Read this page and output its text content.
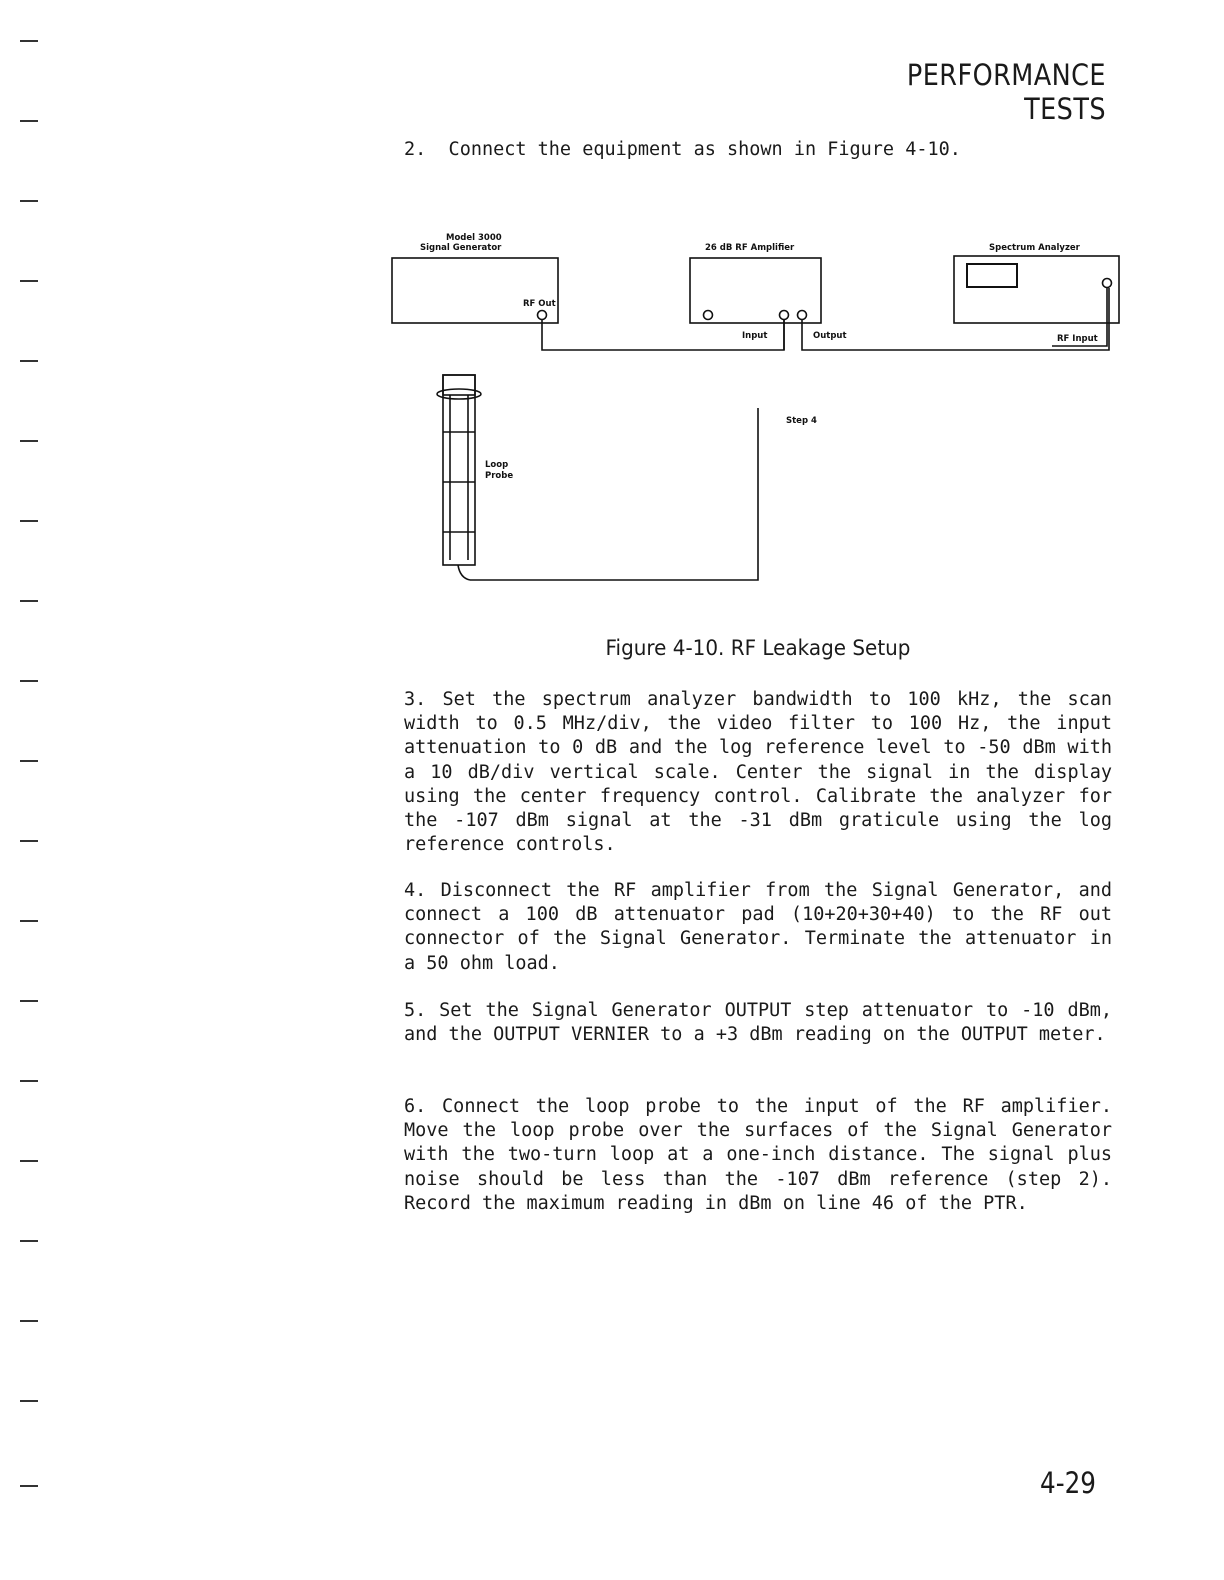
PERFORMANCE TESTS
2.  Connect the equipment as shown in Figure 4-10.
Model 3000
Signal Generator
RF Out
26 dB RF Amplifier
Input	Output
Spectrum Analyzer
RF Input
Step 4
Loop
Probe
Figure 4-10. RF Leakage Setup
3. Set the spectrum analyzer bandwidth to 100 kHz, the scan width to 0.5 MHz/div, the video filter to 100 Hz, the input attenuation to 0 dB and the log reference level to -50 dBm with a 10 dB/div vertical scale. Center the signal in the display using the center frequency control. Calibrate the analyzer for the -107 dBm signal at the -31 dBm graticule using the log reference controls.
4. Disconnect the RF amplifier from the Signal Generator, and connect a 100 dB attenuator pad (10+20+30+40) to the RF out connector of the Signal Generator. Terminate the attenuator in a 50 ohm load.
5. Set the Signal Generator OUTPUT step attenuator to -10 dBm, and the OUTPUT VERNIER to a +3 dBm reading on the OUTPUT meter.
6. Connect the loop probe to the input of the RF amplifier. Move the loop probe over the surfaces of the Signal Generator with the two-turn loop at a one-inch distance. The signal plus noise should be less than the -107 dBm reference (step 2). Record the maximum reading in dBm on line 46 of the PTR.
4-29
